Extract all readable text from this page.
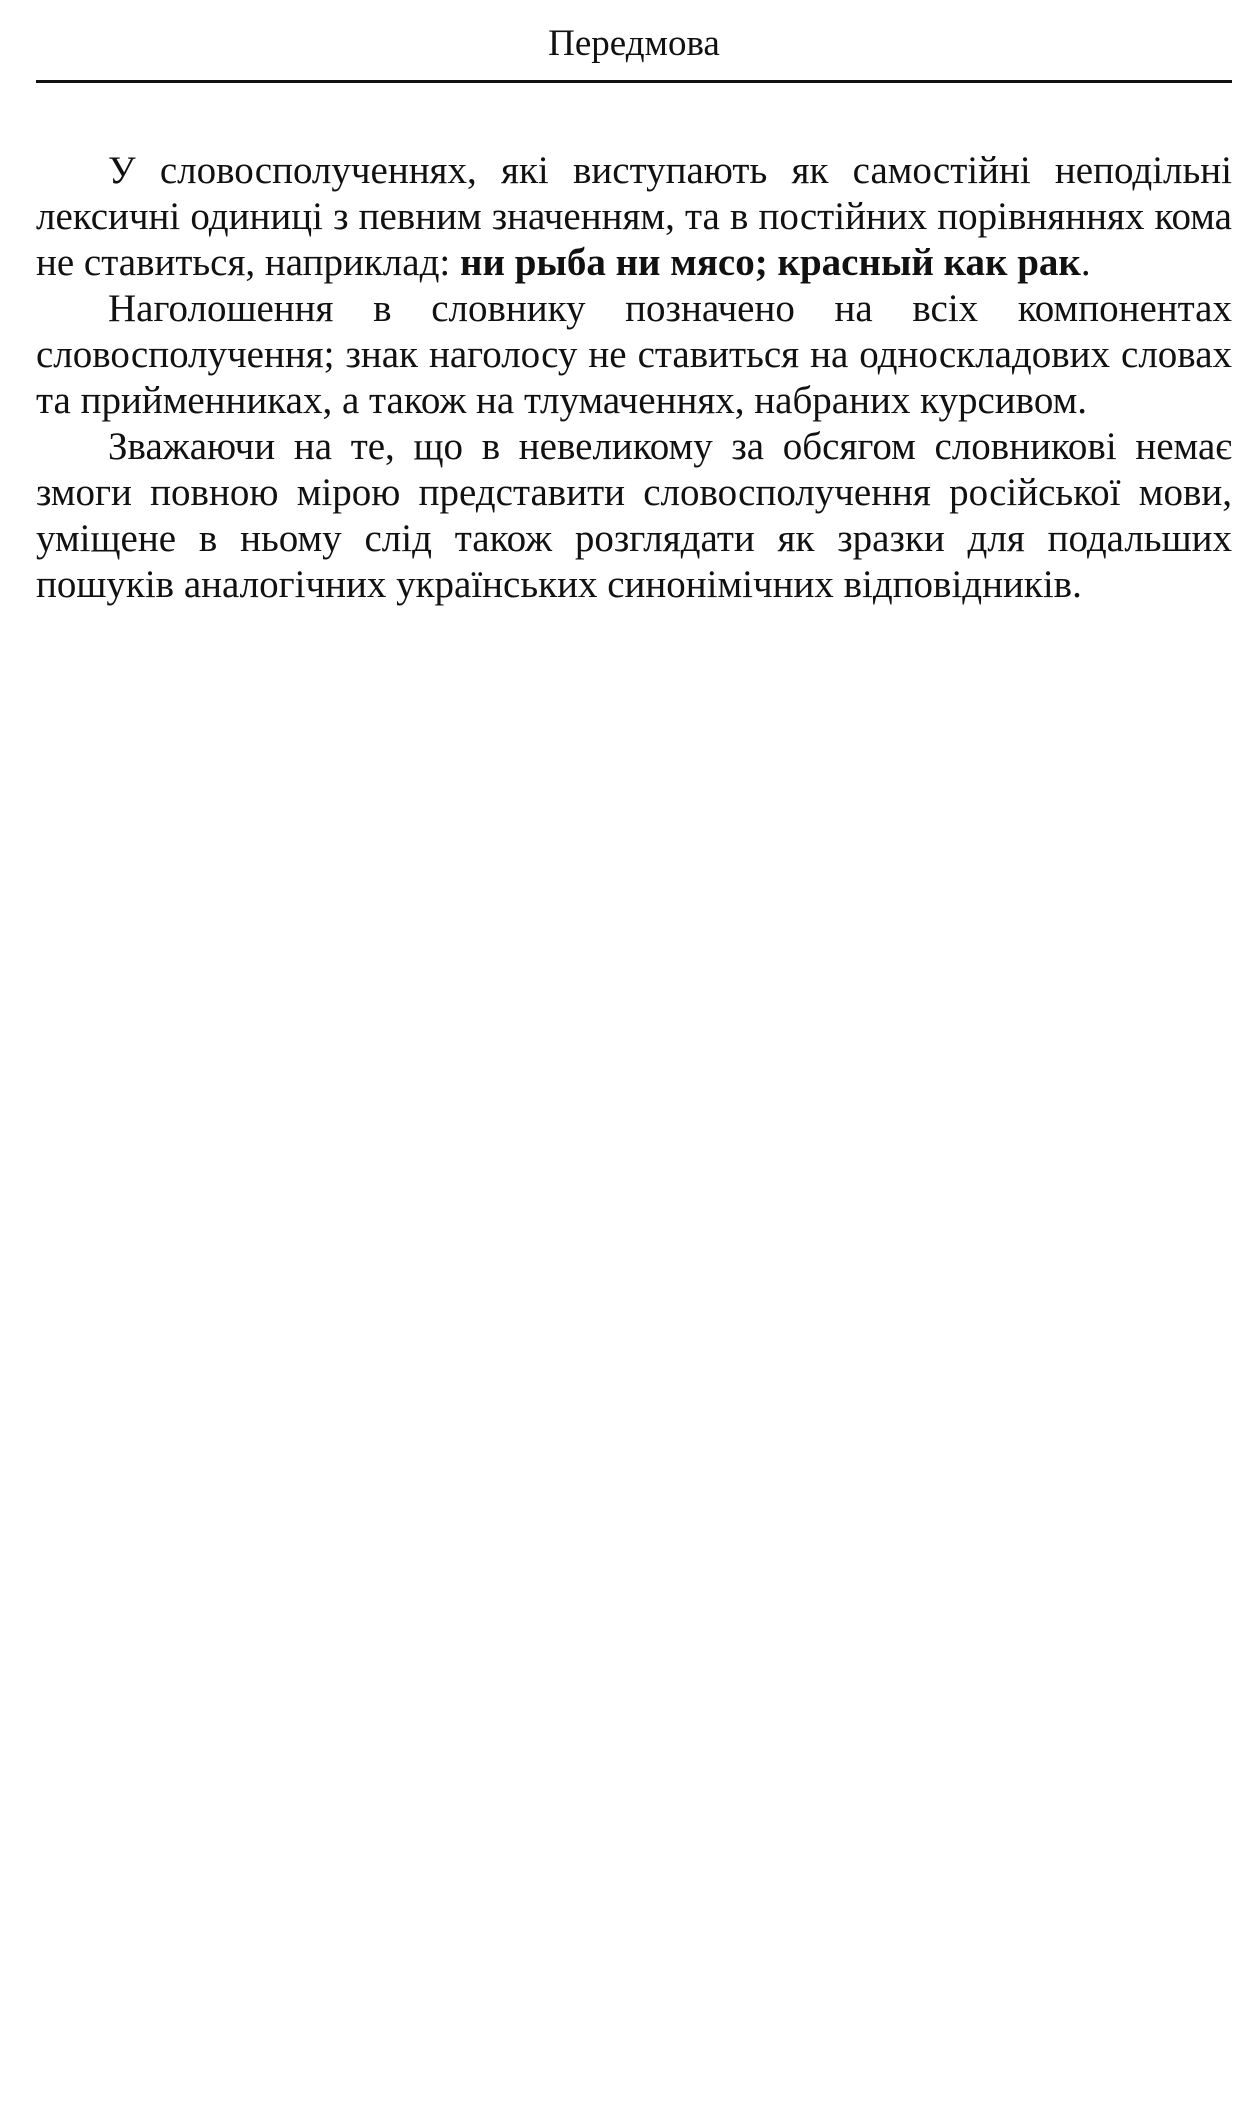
Передмова

У словосполученнях, які виступають як самостійні неподільні лексичні одиниці з певним значенням, та в постійних порівняннях кома не ставиться, наприклад: ни рыба ни мясо; красный как рак.

Наголошення в словнику позначено на всіх компонентах словосполучення; знак наголосу не ставиться на односкладових словах та прийменниках, а також на тлумаченнях, набраних курсивом.

Зважаючи на те, що в невеликому за обсягом словникові немає змоги повною мірою представити словосполучення російської мови, уміщене в ньому слід також розглядати як зразки для подальших пошуків аналогічних українських синонімічних відповідників.
